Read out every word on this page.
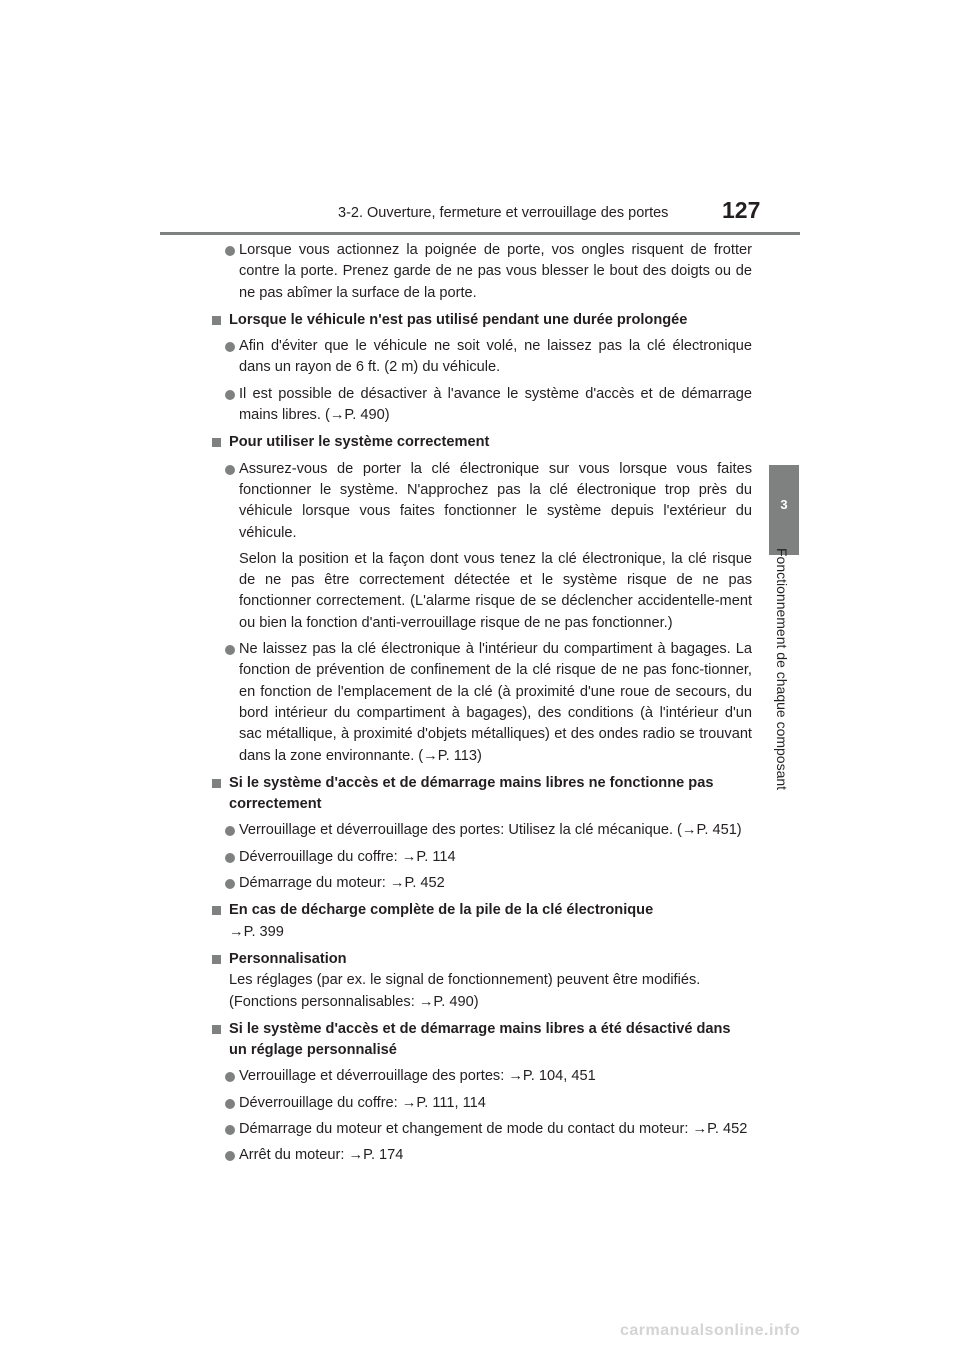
3-2. Ouverture, fermeture et verrouillage des portes 127
3
Fonctionnement de chaque composant
Lorsque vous actionnez la poignée de porte, vos ongles risquent de frotter contre la porte. Prenez garde de ne pas vous blesser le bout des doigts ou de ne pas abîmer la surface de la porte.
Lorsque le véhicule n'est pas utilisé pendant une durée prolongée
Afin d'éviter que le véhicule ne soit volé, ne laissez pas la clé électronique dans un rayon de 6 ft. (2 m) du véhicule.
Il est possible de désactiver à l'avance le système d'accès et de démarrage mains libres. (→P. 490)
Pour utiliser le système correctement
Assurez-vous de porter la clé électronique sur vous lorsque vous faites fonctionner le système. N'approchez pas la clé électronique trop près du véhicule lorsque vous faites fonctionner le système depuis l'extérieur du véhicule.
Selon la position et la façon dont vous tenez la clé électronique, la clé risque de ne pas être correctement détectée et le système risque de ne pas fonctionner correctement. (L'alarme risque de se déclencher accidentelle-ment ou bien la fonction d'anti-verrouillage risque de ne pas fonctionner.)
Ne laissez pas la clé électronique à l'intérieur du compartiment à bagages. La fonction de prévention de confinement de la clé risque de ne pas fonc-tionner, en fonction de l'emplacement de la clé (à proximité d'une roue de secours, du bord intérieur du compartiment à bagages), des conditions (à l'intérieur d'un sac métallique, à proximité d'objets métalliques) et des ondes radio se trouvant dans la zone environnante. (→P. 113)
Si le système d'accès et de démarrage mains libres ne fonctionne pas correctement
Verrouillage et déverrouillage des portes: Utilisez la clé mécanique. (→P. 451)
Déverrouillage du coffre: →P. 114
Démarrage du moteur: →P. 452
En cas de décharge complète de la pile de la clé électronique
→P. 399
Personnalisation
Les réglages (par ex. le signal de fonctionnement) peuvent être modifiés. (Fonctions personnalisables: →P. 490)
Si le système d'accès et de démarrage mains libres a été désactivé dans un réglage personnalisé
Verrouillage et déverrouillage des portes: →P. 104, 451
Déverrouillage du coffre: →P. 111, 114
Démarrage du moteur et changement de mode du contact du moteur: →P. 452
Arrêt du moteur: →P. 174
carmanualsonline.info
